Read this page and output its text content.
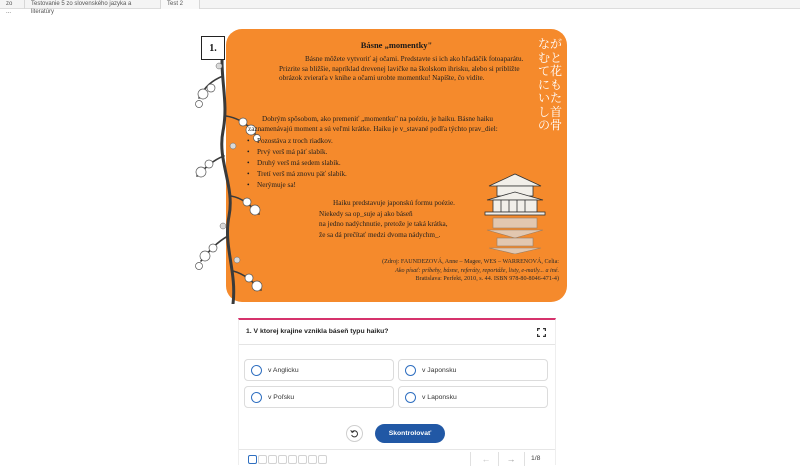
zo ...
Testovanie 5 zo slovenského jazyka a literatúry
Test 2
1.	Básne „momentky"

Básne môžete vytvoriť aj očami. Predstavte si ich ako hľadáčik fotoaparátu. Prizrite sa bližšie, napríklad drevenej lavičke na školskom ihrisku, alebo si priblížte obrázok zvieraťa v knihe a očami urobte momentku! Napíšte, čo vidíte.

Dobrým spôsobom, ako premeniť „momentku" na poéziu, je haiku. Básne haiku zaznamenávajú moment a sú veľmi krátke. Haiku je v_stavané podľa týchto prav_diel:

• Pozostáva z troch riadkov.
• Prvý verš má päť slabík.
• Druhý verš má sedem slabík.
• Tretí verš má znovu päť slabík.
• Nerýmuje sa!
Haiku predstavuje japonskú formu poézie.
Niekedy sa op_suje aj ako báseň
na jedno nadýchnutie, pretože je taká krátka,
že sa dá prečítať medzi dvoma nádychm_.
(Zdroj: FAUNDEZOVÁ, Anne – Magee, WES – WARRENOVÁ, Celia:
Ako písať: príbehy, básne, referáty, reportáže, listy, e-maily... a iné.
Bratislava: Perfekt, 2010, s. 44. ISBN 978-80-8046-471-4)
ながむとて花にもいたし首の骨
1. V ktorej krajine vznikla báseň typu haiku?
v Anglicku	v Japonsku
v Poľsku	v Laponsku
Skontrolovať
← →	1/8
